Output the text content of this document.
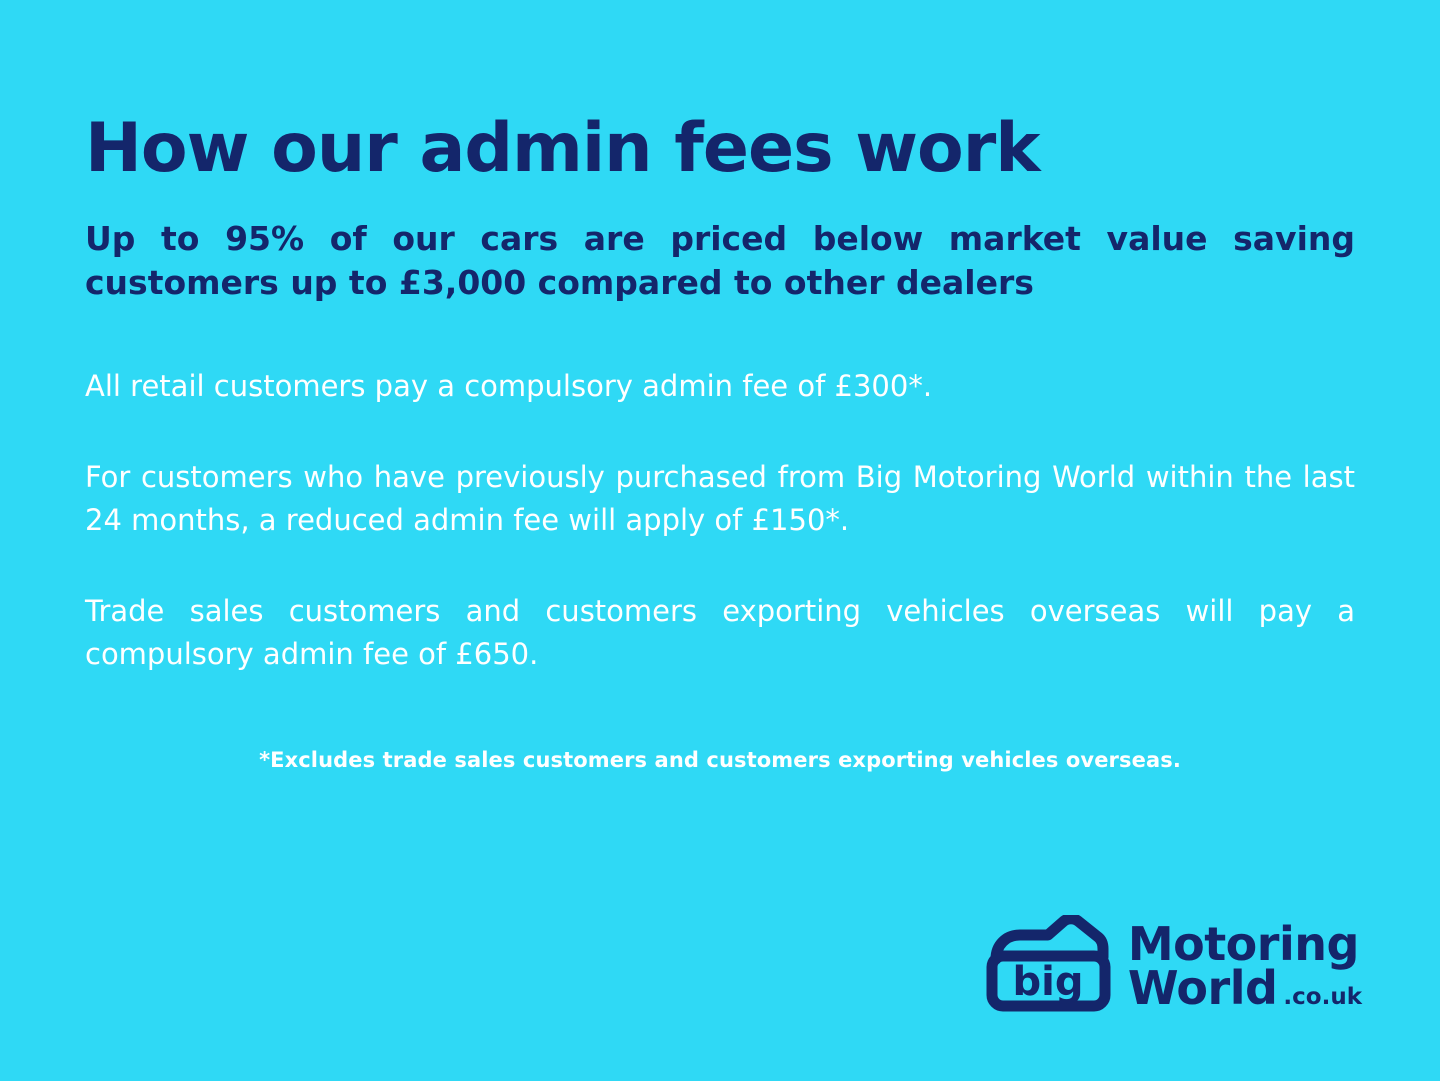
How our admin fees work

Up to 95% of our cars are priced below market value saving customers up to £3,000 compared to other dealers

All retail customers pay a compulsory admin fee of £300*.

For customers who have previously purchased from Big Motoring World within the last 24 months, a reduced admin fee will apply of £150*.

Trade sales customers and customers exporting vehicles overseas will pay a compulsory admin fee of £650.

*Excludes trade sales customers and customers exporting vehicles overseas.

big
Motoring
World .co.uk
